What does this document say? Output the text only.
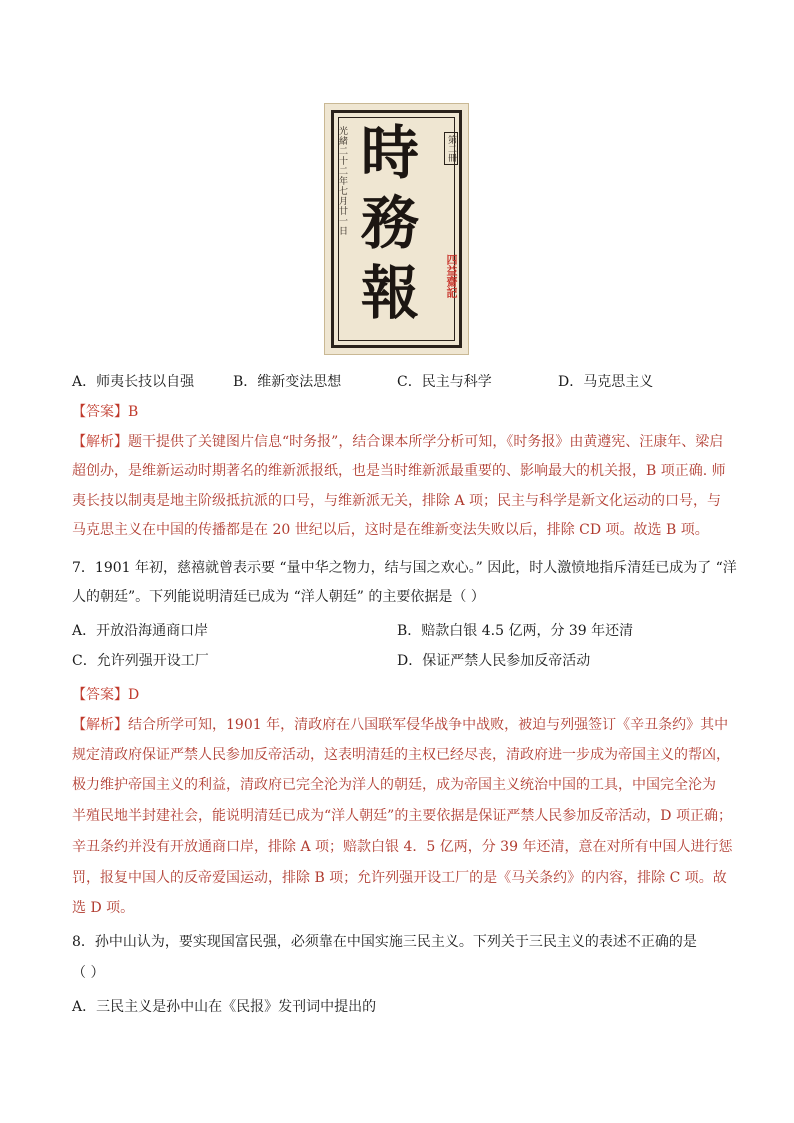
光緒二十二年七月廿一日	第二冊
時
務
報	四益齋記
A．师夷长技以自强	B．维新变法思想	C．民主与科学	D．马克思主义
【答案】B
【解析】题干提供了关键图片信息“时务报”，结合课本所学分析可知，《时务报》由黄遵宪、汪康年、梁启
超创办，是维新运动时期著名的维新派报纸，也是当时维新派最重要的、影响最大的机关报，B 项正确. 师
夷长技以制夷是地主阶级抵抗派的口号，与维新派无关，排除 A 项；民主与科学是新文化运动的口号，与
马克思主义在中国的传播都是在 20 世纪以后，这时是在维新变法失败以后，排除 CD 项。故选 B 项。
7．1901 年初，慈禧就曾表示要 “量中华之物力，结与国之欢心。” 因此，时人激愤地指斥清廷已成为了 “洋
人的朝廷”。下列能说明清廷已成为 “洋人朝廷” 的主要依据是（ ）
A．开放沿海通商口岸	B．赔款白银 4.5 亿两，分 39 年还清
C．允许列强开设工厂	D．保证严禁人民参加反帝活动
【答案】D
【解析】结合所学可知，1901 年，清政府在八国联军侵华战争中战败，被迫与列强签订《辛丑条约》其中
规定清政府保证严禁人民参加反帝活动，这表明清廷的主权已经尽丧，清政府进一步成为帝国主义的帮凶，
极力维护帝国主义的利益，清政府已完全沦为洋人的朝廷，成为帝国主义统治中国的工具，中国完全沦为
半殖民地半封建社会，能说明清廷已成为“洋人朝廷”的主要依据是保证严禁人民参加反帝活动，D 项正确；
辛丑条约并没有开放通商口岸，排除 A 项；赔款白银 4．5 亿两，分 39 年还清，意在对所有中国人进行惩
罚，报复中国人的反帝爱国运动，排除 B 项；允许列强开设工厂的是《马关条约》的内容，排除 C 项。故
选 D 项。
8．孙中山认为，要实现国富民强，必须靠在中国实施三民主义。下列关于三民主义的表述不正确的是
（ ）
A．三民主义是孙中山在《民报》发刊词中提出的
